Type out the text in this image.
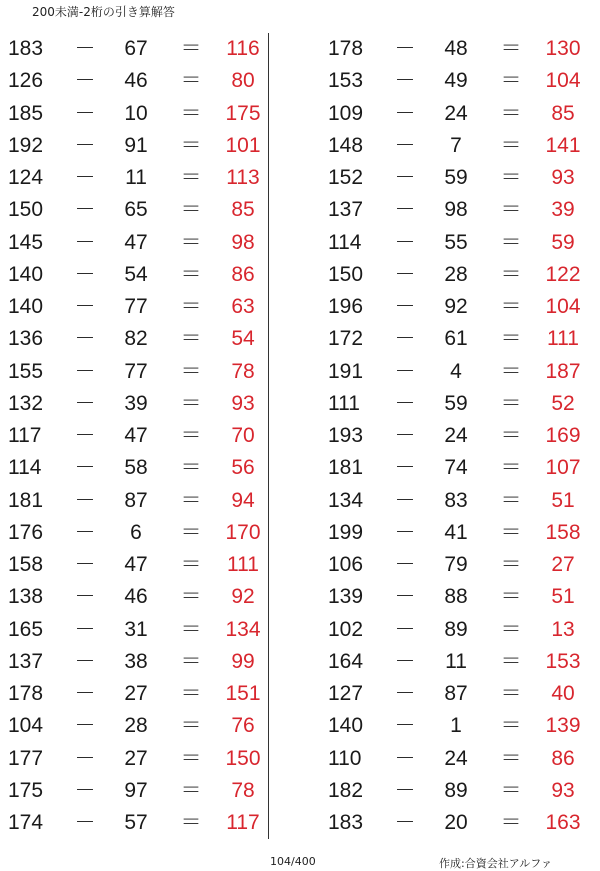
200未満-2桁の引き算解答
183	－	67	＝	116
126	－	46	＝	80
185	－	10	＝	175
192	－	91	＝	101
124	－	11	＝	113
150	－	65	＝	85
145	－	47	＝	98
140	－	54	＝	86
140	－	77	＝	63
136	－	82	＝	54
155	－	77	＝	78
132	－	39	＝	93
117	－	47	＝	70
114	－	58	＝	56
181	－	87	＝	94
176	－	6	＝	170
158	－	47	＝	111
138	－	46	＝	92
165	－	31	＝	134
137	－	38	＝	99
178	－	27	＝	151
104	－	28	＝	76
177	－	27	＝	150
175	－	97	＝	78
174	－	57	＝	117
178	－	48	＝	130
153	－	49	＝	104
109	－	24	＝	85
148	－	7	＝	141
152	－	59	＝	93
137	－	98	＝	39
114	－	55	＝	59
150	－	28	＝	122
196	－	92	＝	104
172	－	61	＝	111
191	－	4	＝	187
111	－	59	＝	52
193	－	24	＝	169
181	－	74	＝	107
134	－	83	＝	51
199	－	41	＝	158
106	－	79	＝	27
139	－	88	＝	51
102	－	89	＝	13
164	－	11	＝	153
127	－	87	＝	40
140	－	1	＝	139
110	－	24	＝	86
182	－	89	＝	93
183	－	20	＝	163
104/400	作成:合資会社アルファ
